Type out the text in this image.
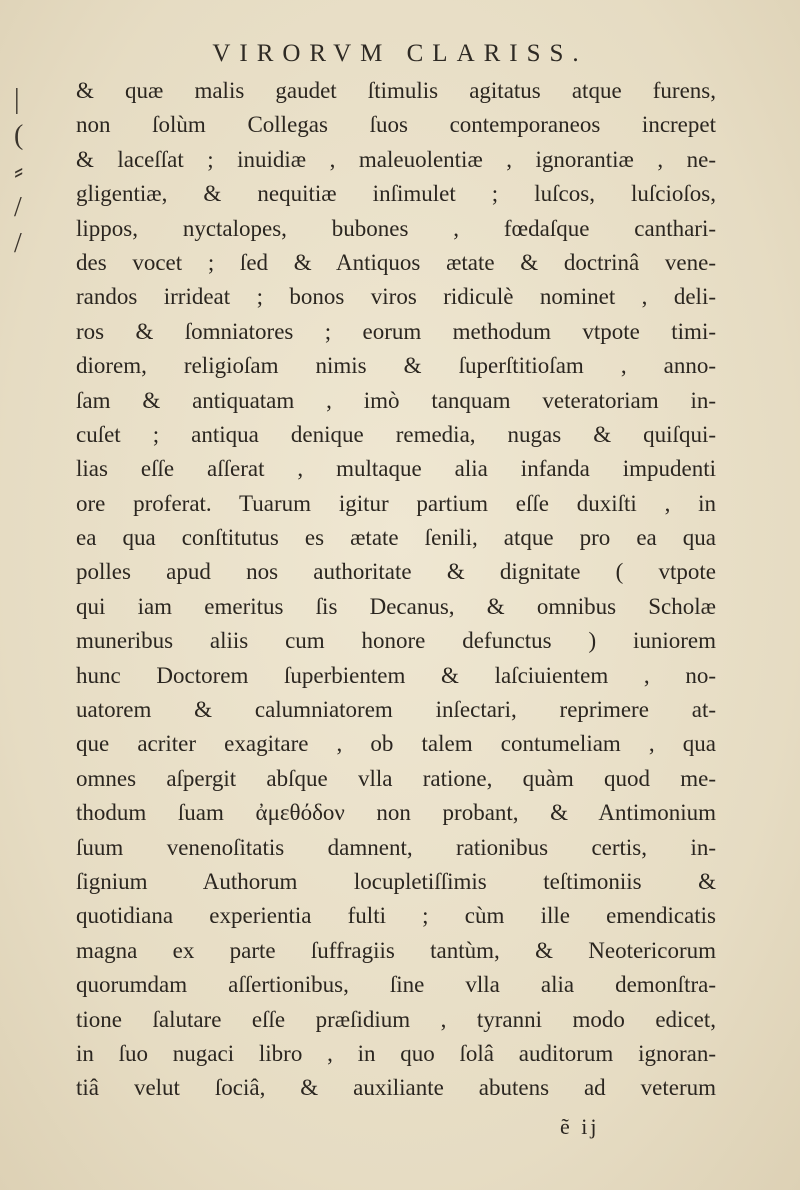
VIRORVM CLARISS.
|
(
⸗
/
/
& quæ malis gaudet ſtimulis agitatus atque furens,
non ſolùm Collegas ſuos contemporaneos increpet
& laceſſat ; inuidiæ , maleuolentiæ , ignorantiæ , ne-
gligentiæ, & nequitiæ inſimulet ; luſcos, luſcioſos,
lippos, nyctalopes, bubones , fœdaſque canthari-
des vocet ; ſed & Antiquos ætate & doctrinâ vene-
randos irrideat ; bonos viros ridiculè nominet , deli-
ros & ſomniatores ; eorum methodum vtpote timi-
diorem, religioſam nimis & ſuperſtitioſam , anno-
ſam & antiquatam , imò tanquam veteratoriam in-
cuſet ; antiqua denique remedia, nugas & quiſqui-
lias eſſe aſſerat , multaque alia infanda impudenti
ore proferat. Tuarum igitur partium eſſe duxiſti , in
ea qua conſtitutus es ætate ſenili, atque pro ea qua
polles apud nos authoritate & dignitate ( vtpote
qui iam emeritus ſis Decanus, & omnibus Scholæ
muneribus aliis cum honore defunctus ) iuniorem
hunc Doctorem ſuperbientem & laſciuientem , no-
uatorem & calumniatorem inſectari, reprimere at-
que acriter exagitare , ob talem contumeliam , qua
omnes aſpergit abſque vlla ratione, quàm quod me-
thodum ſuam ἀμεθόδον non probant, & Antimonium
ſuum venenoſitatis damnent, rationibus certis, in-
ſignium Authorum locupletiſſimis teſtimoniis &
quotidiana experientia fulti ; cùm ille emendicatis
magna ex parte ſuffragiis tantùm, & Neotericorum
quorumdam aſſertionibus, ſine vlla alia demonſtra-
tione ſalutare eſſe præſidium , tyranni modo edicet,
in ſuo nugaci libro , in quo ſolâ auditorum ignoran-
tiâ velut ſociâ, & auxiliante abutens ad veterum
ẽ ij
